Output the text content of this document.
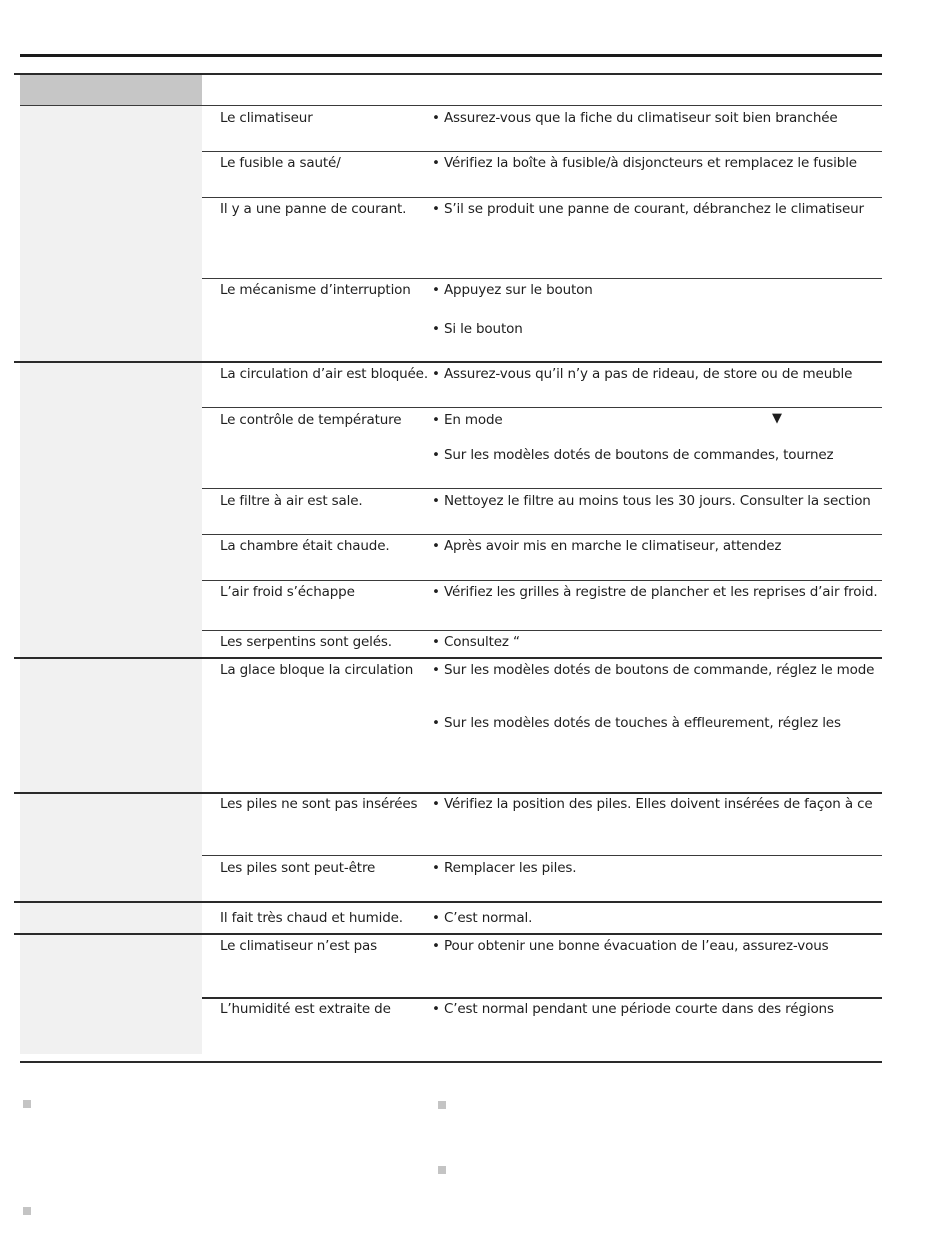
Le climatiseur	• Assurez-vous que la fiche du climatiseur soit bien branchée
Le fusible a sauté/	• Vérifiez la boîte à fusible/à disjoncteurs et remplacez le fusible
Il y a une panne de courant. • S’il se produit une panne de courant, débranchez le climatiseur
Le mécanisme d’interruption • Appuyez sur le bouton
• Si le bouton
La circulation d’air est bloquée. • Assurez-vous qu’il n’y a pas de rideau, de store ou de meuble
Le contrôle de température • En mode	▼
• Sur les modèles dotés de boutons de commandes, tournez
Le filtre à air est sale.	• Nettoyez le filtre au moins tous les 30 jours. Consulter la section
La chambre était chaude.	• Après avoir mis en marche le climatiseur, attendez
L’air froid s’échappe	• Vérifiez les grilles à registre de plancher et les reprises d’air froid.
Les serpentins sont gelés.	• Consultez “
La glace bloque la circulation • Sur les modèles dotés de boutons de commande, réglez le mode
• Sur les modèles dotés de touches à effleurement, réglez les
Les piles ne sont pas insérées • Vérifiez la position des piles. Elles doivent insérées de façon à ce
Les piles sont peut-être	• Remplacer les piles.
Il fait très chaud et humide. • C’est normal.
Le climatiseur n’est pas	• Pour obtenir une bonne évacuation de l’eau, assurez-vous
L’humidité est extraite de	• C’est normal pendant une période courte dans des régions
